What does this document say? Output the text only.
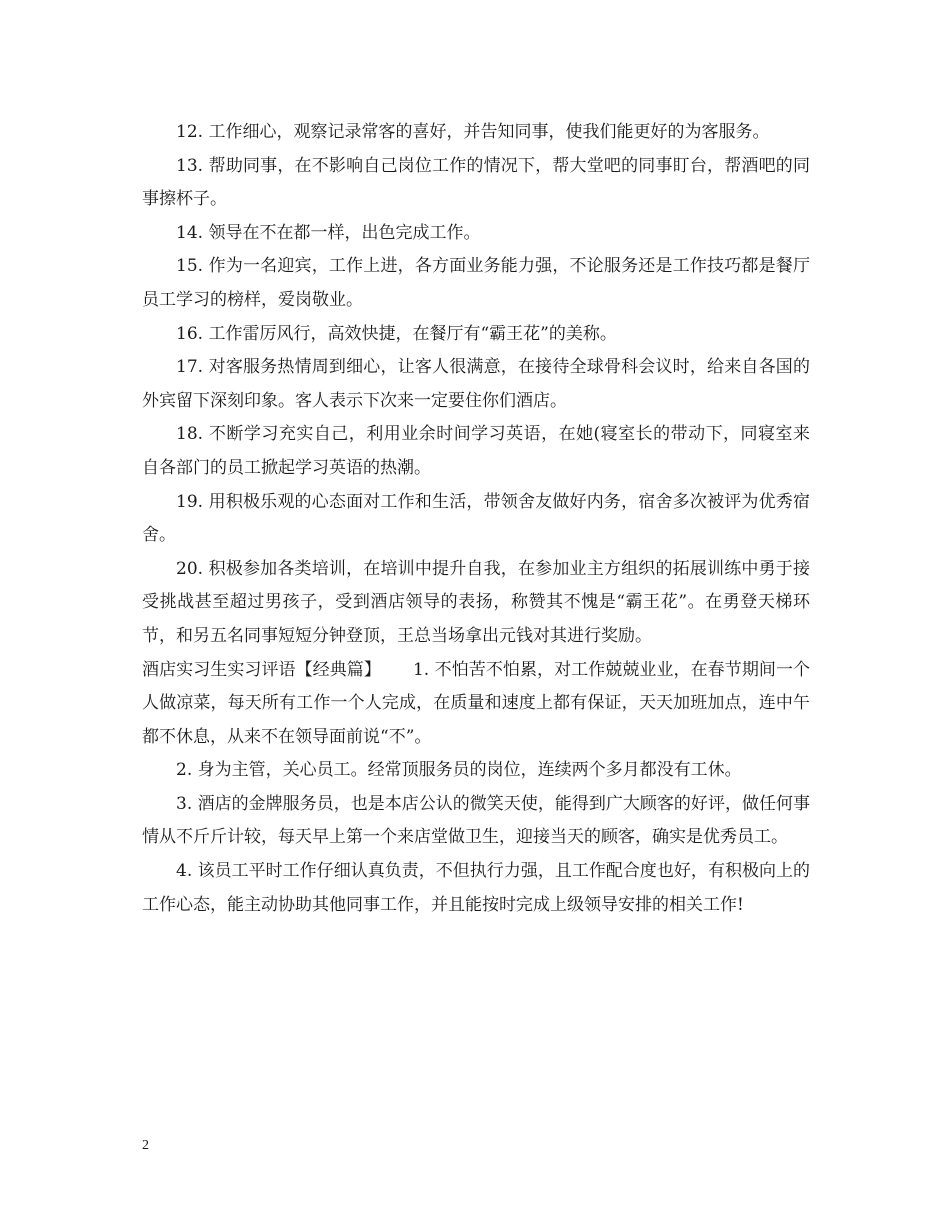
12. 工作细心，观察记录常客的喜好，并告知同事，使我们能更好的为客服务。

13. 帮助同事，在不影响自己岗位工作的情况下，帮大堂吧的同事盯台，帮酒吧的同事擦杯子。

14. 领导在不在都一样，出色完成工作。

15. 作为一名迎宾，工作上进，各方面业务能力强，不论服务还是工作技巧都是餐厅员工学习的榜样，爱岗敬业。

16. 工作雷厉风行，高效快捷，在餐厅有“霸王花”的美称。

17. 对客服务热情周到细心，让客人很满意，在接待全球骨科会议时，给来自各国的外宾留下深刻印象。客人表示下次来一定要住你们酒店。

18. 不断学习充实自己，利用业余时间学习英语，在她(寝室长的带动下，同寝室来自各部门的员工掀起学习英语的热潮。

19. 用积极乐观的心态面对工作和生活，带领舍友做好内务，宿舍多次被评为优秀宿舍。

20. 积极参加各类培训，在培训中提升自我，在参加业主方组织的拓展训练中勇于接受挑战甚至超过男孩子，受到酒店领导的表扬，称赞其不愧是“霸王花”。在勇登天梯环节，和另五名同事短短分钟登顶，王总当场拿出元钱对其进行奖励。

酒店实习生实习评语【经典篇】 1. 不怕苦不怕累，对工作兢兢业业，在春节期间一个人做凉菜，每天所有工作一个人完成，在质量和速度上都有保证，天天加班加点，连中午都不休息，从来不在领导面前说“不”。

2. 身为主管，关心员工。经常顶服务员的岗位，连续两个多月都没有工休。

3. 酒店的金牌服务员，也是本店公认的微笑天使，能得到广大顾客的好评，做任何事情从不斤斤计较，每天早上第一个来店堂做卫生，迎接当天的顾客，确实是优秀员工。

4. 该员工平时工作仔细认真负责，不但执行力强，且工作配合度也好，有积极向上的工作心态，能主动协助其他同事工作，并且能按时完成上级领导安排的相关工作!

2
